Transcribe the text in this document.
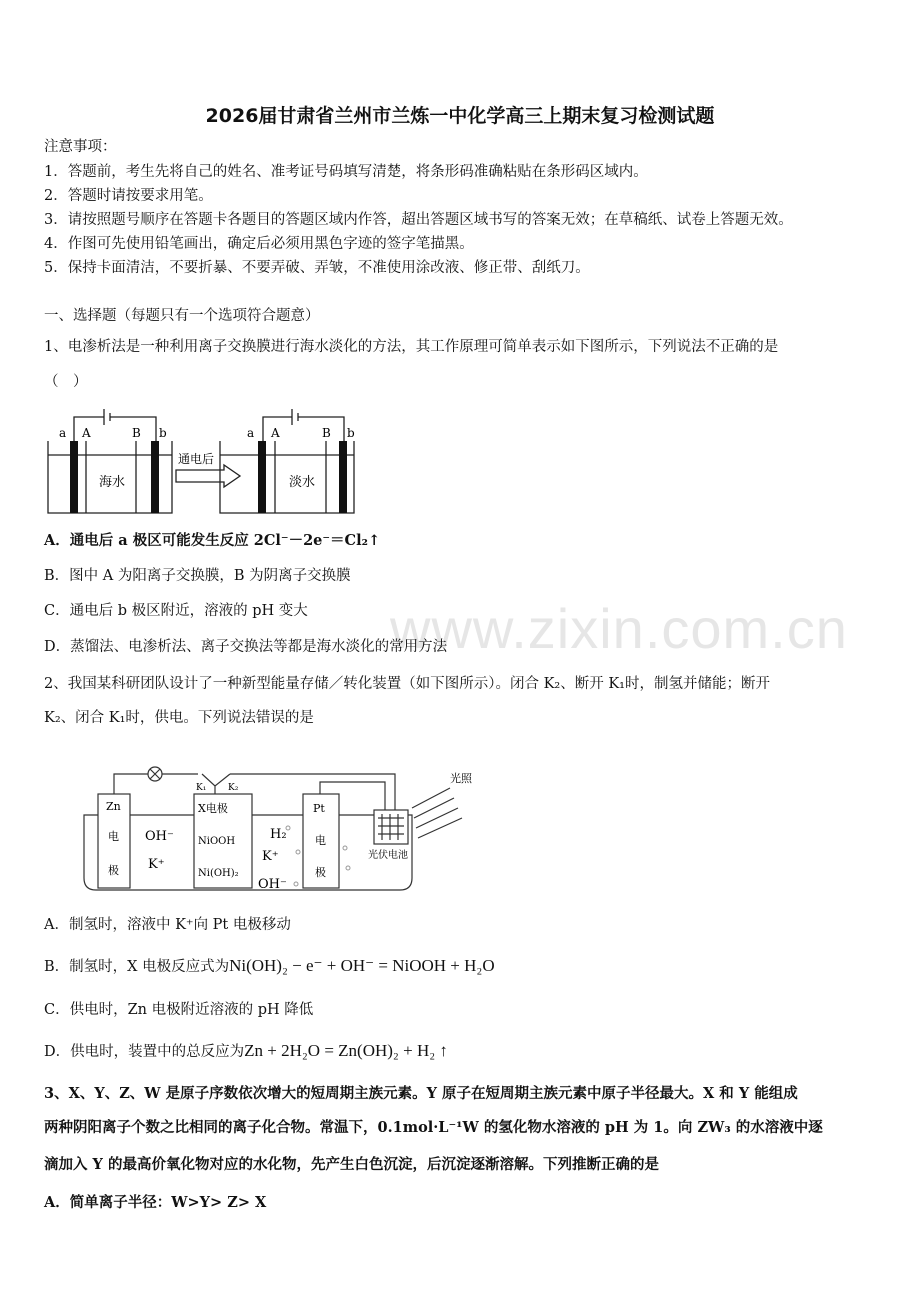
www.zixin.com.cn
2026届甘肃省兰州市兰炼一中化学高三上期末复习检测试题
注意事项：
1．答题前，考生先将自己的姓名、准考证号码填写清楚，将条形码准确粘贴在条形码区域内。
2．答题时请按要求用笔。
3．请按照题号顺序在答题卡各题目的答题区域内作答，超出答题区域书写的答案无效；在草稿纸、试卷上答题无效。
4．作图可先使用铅笔画出，确定后必须用黑色字迹的签字笔描黑。
5．保持卡面清洁，不要折暴、不要弄破、弄皱，不准使用涂改液、修正带、刮纸刀。
一、选择题（每题只有一个选项符合题意）
1、电渗析法是一种利用离子交换膜进行海水淡化的方法，其工作原理可简单表示如下图所示，下列说法不正确的是
（　）
a A	B b
海水
通电后
a A	B b
淡水
A．通电后 a 极区可能发生反应 2Cl⁻－2e⁻＝Cl₂↑
B．图中 A 为阳离子交换膜，B 为阴离子交换膜
C．通电后 b 极区附近，溶液的 pH 变大
D．蒸馏法、电渗析法、离子交换法等都是海水淡化的常用方法
2、我国某科研团队设计了一种新型能量存储／转化装置（如下图所示）。闭合 K₂、断开 K₁时，制氢并储能；断开
K₂、闭合 K₁时，供电。下列说法错误的是
Zn
电
极
OH⁻
K⁺
X电极
NiOOH
Ni(OH)₂
K₁ K₂
H₂
K⁺
OH⁻
Pt
电
极
光照
光伏电池
A．制氢时，溶液中 K⁺向 Pt 电极移动
B．制氢时，X 电极反应式为Ni(OH)₂ − e⁻ + OH⁻ = NiOOH + H₂O
C．供电时，Zn 电极附近溶液的 pH 降低
D．供电时，装置中的总反应为Zn + 2H₂O = Zn(OH)₂ + H₂ ↑
3、X、Y、Z、W 是原子序数依次增大的短周期主族元素。Y 原子在短周期主族元素中原子半径最大。X 和 Y 能组成
两种阴阳离子个数之比相同的离子化合物。常温下，0.1mol·L⁻¹W 的氢化物水溶液的 pH 为 1。向 ZW₃ 的水溶液中逐
滴加入 Y 的最高价氧化物对应的水化物，先产生白色沉淀，后沉淀逐渐溶解。下列推断正确的是
A．简单离子半径：W>Y> Z> X
